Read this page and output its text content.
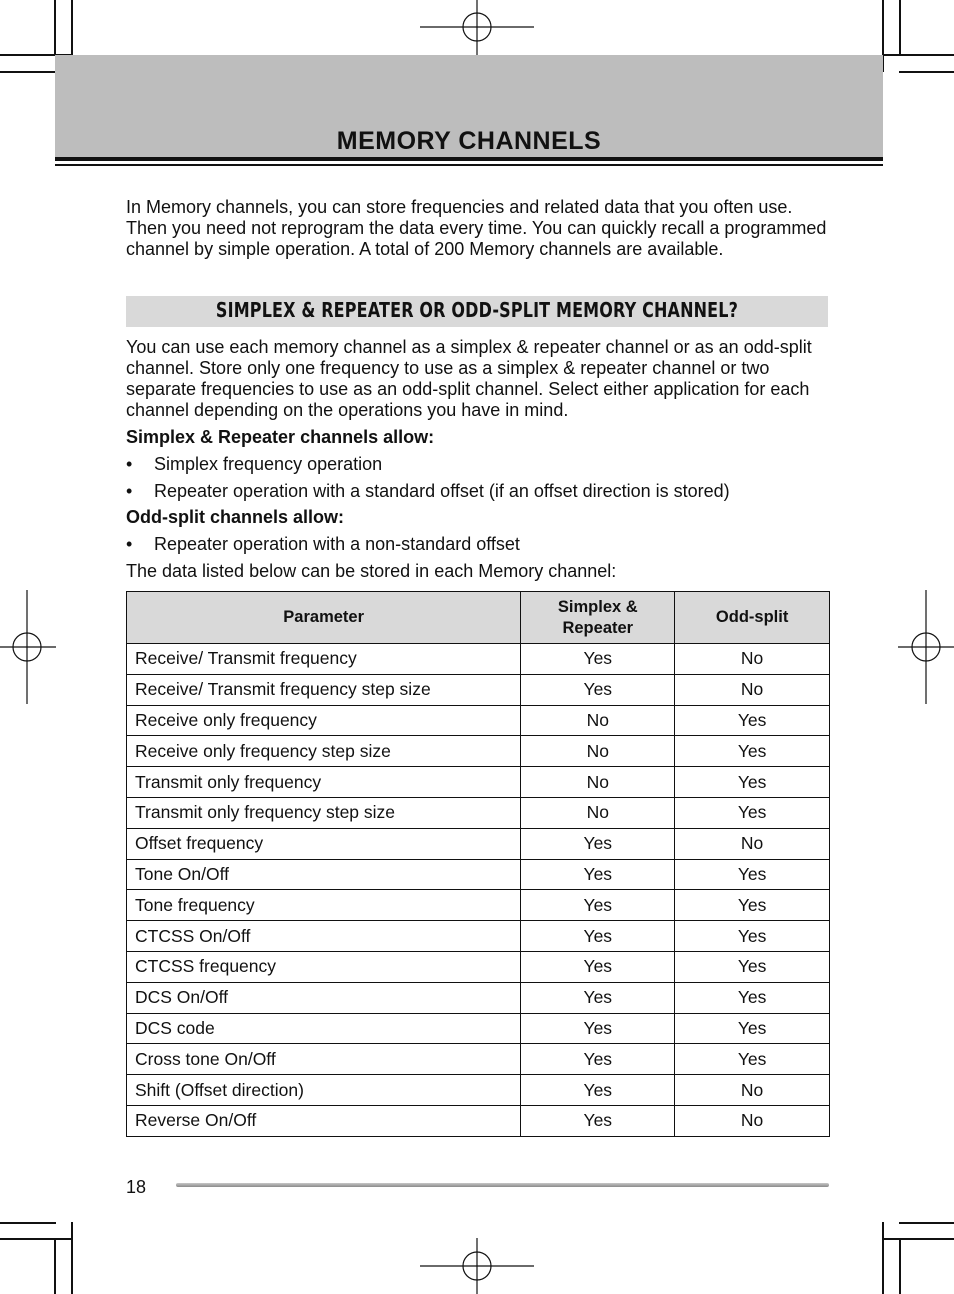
MEMORY CHANNELS

In Memory channels, you can store frequencies and related data that you often use. Then you need not reprogram the data every time. You can quickly recall a programmed channel by simple operation. A total of 200 Memory channels are available.

SIMPLEX & REPEATER OR ODD-SPLIT MEMORY CHANNEL?

You can use each memory channel as a simplex & repeater channel or as an odd-split channel. Store only one frequency to use as a simplex & repeater channel or two separate frequencies to use as an odd-split channel. Select either application for each channel depending on the operations you have in mind.

Simplex & Repeater channels allow:
•	Simplex frequency operation
•	Repeater operation with a standard offset (if an offset direction is stored)
Odd-split channels allow:
•	Repeater operation with a non-standard offset
The data listed below can be stored in each Memory channel:
Parameter	Simplex & Repeater	Odd-split
Receive/ Transmit frequency	Yes	No
Receive/ Transmit frequency step size	Yes	No
Receive only frequency	No	Yes
Receive only frequency step size	No	Yes
Transmit only frequency	No	Yes
Transmit only frequency step size	No	Yes
Offset frequency	Yes	No
Tone On/Off	Yes	Yes
Tone frequency	Yes	Yes
CTCSS On/Off	Yes	Yes
CTCSS frequency	Yes	Yes
DCS On/Off	Yes	Yes
DCS code	Yes	Yes
Cross tone On/Off	Yes	Yes
Shift (Offset direction)	Yes	No
Reverse On/Off	Yes	No
18
